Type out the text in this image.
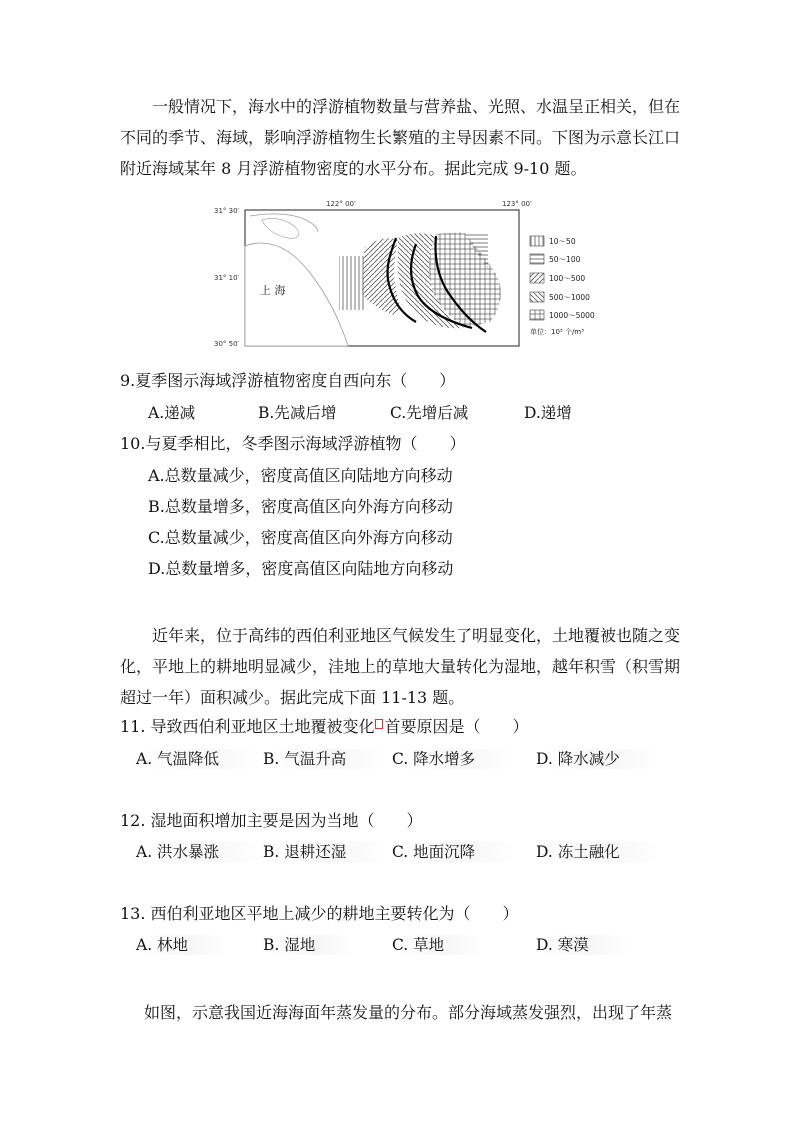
一般情况下，海水中的浮游植物数量与营养盐、光照、水温呈正相关，但在不同的季节、海域，影响浮游植物生长繁殖的主导因素不同。下图为示意长江口附近海域某年 8 月浮游植物密度的水平分布。据此完成 9-10 题。

122° 00′	123° 00′
31° 30′
31° 10′
30° 50′
上 海
10～50
50～100
100～500
500～1000
1000～5000
单位：10³ 个/m³
9.夏季图示海域浮游植物密度自西向东（　　）
A.递减	B.先减后增	C.先增后减	D.递增
10.与夏季相比，冬季图示海域浮游植物（　　）
A.总数量减少，密度高值区向陆地方向移动
B.总数量增多，密度高值区向外海方向移动
C.总数量减少，密度高值区向外海方向移动
D.总数量增多，密度高值区向陆地方向移动

近年来，位于高纬的西伯利亚地区气候发生了明显变化，土地覆被也随之变化，平地上的耕地明显减少，洼地上的草地大量转化为湿地，越年积雪（积雪期超过一年）面积减少。据此完成下面 11-13 题。

11. 导致西伯利亚地区土地覆被变化 首要原因是（　　）
A. 气温降低	B. 气温升高	C. 降水增多	D. 降水减少
12. 湿地面积增加主要是因为当地（　　）
A. 洪水暴涨	B. 退耕还湿	C. 地面沉降	D. 冻土融化
13. 西伯利亚地区平地上减少的耕地主要转化为（　　）
A. 林地	B. 湿地	C. 草地	D. 寒漠
如图，示意我国近海海面年蒸发量的分布。部分海域蒸发强烈，出现了年蒸
